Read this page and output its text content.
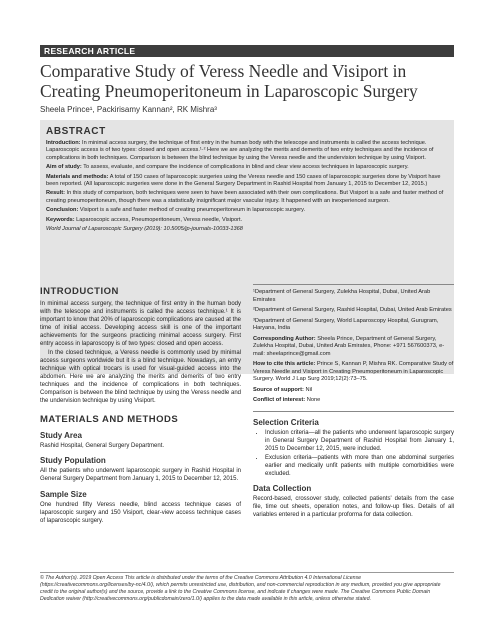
RESEARCH ARTICLE
Comparative Study of Veress Needle and Visiport in Creating Pneumoperitoneum in Laparoscopic Surgery
Sheela Prince¹, Packirisamy Kannan², RK Mishra³
ABSTRACT

Introduction: In minimal access surgery, the technique of first entry in the human body with the telescope and instruments is called the access technique. Laparoscopic access is of two types: closed and open access.¹·² Here we are analyzing the merits and demerits of two entry techniques and the incidence of complications in both techniques. Comparison is between the blind technique by using the Veress needle and the undervision technique by using Visiport.

Aim of study: To assess, evaluate, and compare the incidence of complications in blind and clear view access techniques in laparoscopic surgery.

Materials and methods: A total of 150 cases of laparoscopic surgeries using the Veress needle and 150 cases of laparoscopic surgeries done by Visiport have been reported. (All laparoscopic surgeries were done in the General Surgery Department in Rashid Hospital from January 1, 2015 to December 12, 2015.)

Result: In this study of comparison, both techniques were seen to have been associated with their own complications. But Visiport is a safe and faster method of creating pneumoperitoneum, though there was a statistically insignificant major vascular injury. It happened with an inexperienced surgeon.

Conclusion: Visiport is a safe and faster method of creating pneumoperitoneum in laparoscopic surgery.

Keywords: Laparoscopic access, Pneumoperitoneum, Veress needle, Visiport.

World Journal of Laparoscopic Surgery (2019): 10.5005/jp-journals-10033-1368

INTRODUCTION

In minimal access surgery, the technique of first entry in the human body with the telescope and instruments is called the access technique.¹ It is important to know that 20% of laparoscopic complications are caused at the time of initial access. Developing access skill is one of the important achievements for the surgeons practicing minimal access surgery. First entry access in laparoscopy is of two types: closed and open access.

In the closed technique, a Veress needle is commonly used by minimal access surgeons worldwide but it is a blind technique. Nowadays, an entry technique with optical trocars is used for visual-guided access into the abdomen. Here we are analyzing the merits and demerits of two entry techniques and the incidence of complications in both techniques. Comparison is between the blind technique by using the Veress needle and the undervision technique by using Visiport.

MATERIALS AND METHODS
Study Area

Rashid Hospital, General Surgery Department.

Study Population

All the patients who underwent laparoscopic surgery in Rashid Hospital in General Surgery Department from January 1, 2015 to December 12, 2015.

Sample Size

One hundred fifty Veress needle, blind access technique cases of laparoscopic surgery and 150 Visiport, clear-view access technique cases of laparoscopic surgery.

¹Department of General Surgery, Zulekha Hospital, Dubai, United Arab Emirates

²Department of General Surgery, Rashid Hospital, Dubai, United Arab Emirates

³Department of General Surgery, World Laparoscopy Hospital, Gurugram, Haryana, India

Corresponding Author: Sheela Prince, Department of General Surgery, Zulekha Hospital, Dubai, United Arab Emirates, Phone: +971 567600373, e-mail: sheelaprince@gmail.com

How to cite this article: Prince S, Kannan P, Mishra RK. Comparative Study of Veress Needle and Visiport in Creating Pneumoperitoneum in Laparoscopic Surgery. World J Lap Surg 2019;12(2):73–75.

Source of support: Nil

Conflict of interest: None

Selection Criteria
• Inclusion criteria—all the patients who underwent laparoscopic surgery in General Surgery Department of Rashid Hospital from January 1, 2015 to December 12, 2015, were included.
• Exclusion criteria—patients with more than one abdominal surgeries earlier and medically unfit patients with multiple comorbidities were excluded.
Data Collection

Record-based, crossover study, collected patients' details from the case file, time out sheets, operation notes, and follow-up files. Details of all variables entered in a particular proforma for data collection.

© The Author(s). 2019 Open Access This article is distributed under the terms of the Creative Commons Attribution 4.0 International License (https://creativecommons.org/licenses/by-nc/4.0/), which permits unrestricted use, distribution, and non-commercial reproduction in any medium, provided you give appropriate credit to the original author(s) and the source, provide a link to the Creative Commons license, and indicate if changes were made. The Creative Commons Public Domain Dedication waiver (http://creativecommons.org/publicdomain/zero/1.0/) applies to the data made available in this article, unless otherwise stated.
